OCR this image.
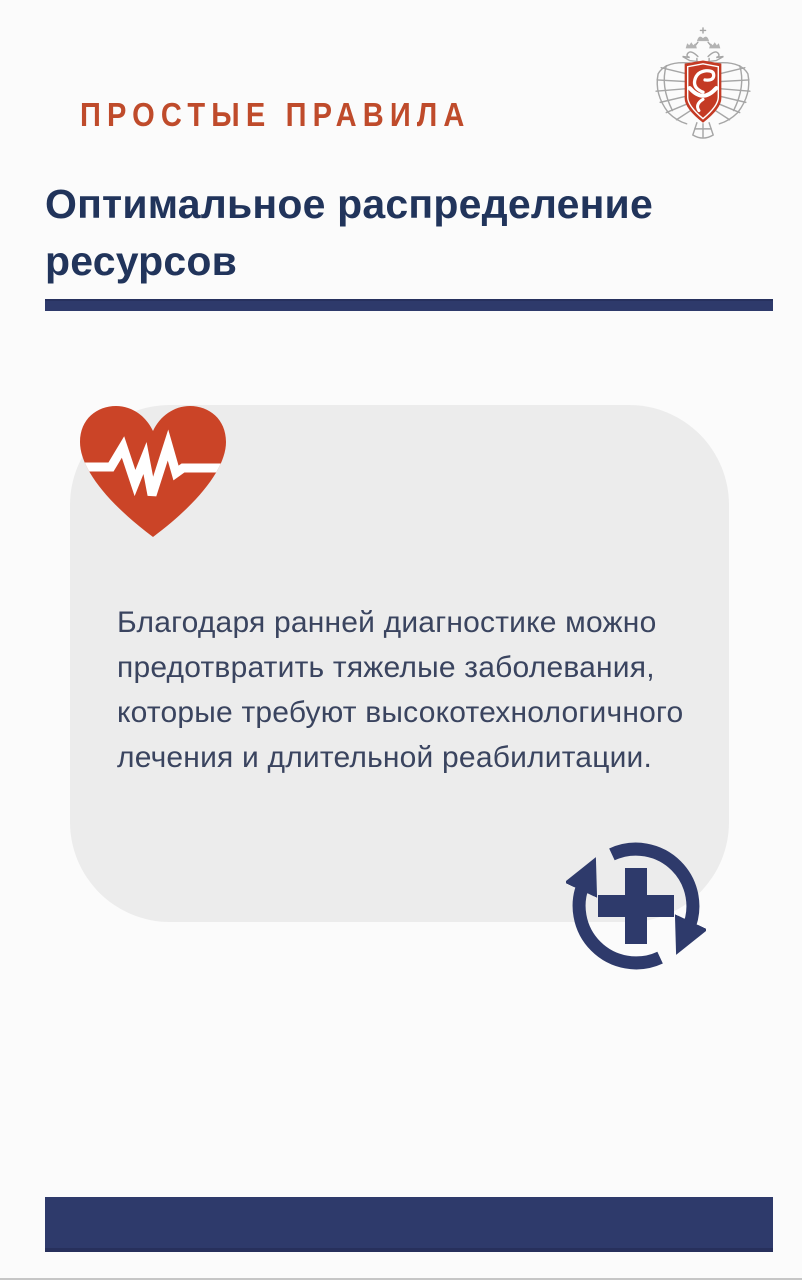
ПРОСТЫЕ ПРАВИЛА
Оптимальное распределение
ресурсов
Благодаря ранней диагностике можно
предотвратить тяжелые заболевания,
которые требуют высокотехнологичного
лечения и длительной реабилитации.
